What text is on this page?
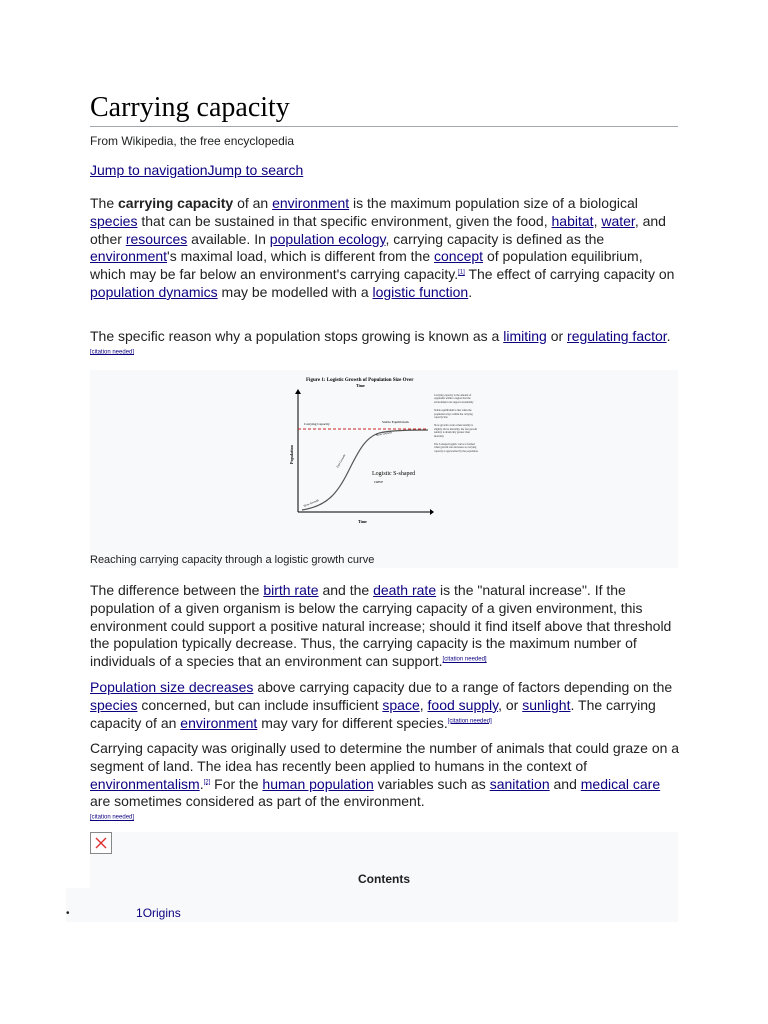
Carrying capacity
From Wikipedia, the free encyclopedia
Jump to navigationJump to search
The carrying capacity of an environment is the maximum population size of a biological species that can be sustained in that specific environment, given the food, habitat, water, and other resources available. In population ecology, carrying capacity is defined as the environment's maximal load, which is different from the concept of population equilibrium, which may be far below an environment's carrying capacity.[1] The effect of carrying capacity on population dynamics may be modelled with a logistic function.
The specific reason why a population stops growing is known as a limiting or regulating factor.[citation needed]
Figure 1: Logistic Growth of Population Size Over
Time
Population
Time
Carrying Capacity	Stable Equilibrium
Logistic S-shaped
curve
Slow Growth
Fast Growth
Slow Growth
Carrying capacity is the amount of organisms within a region that the environment can support sustainably
Stable equilibrium is met when the population stays within the carrying capacity line
Slow growth occurs when natality is slightly above mortality, the fast growth natality is drastically greater than mortality
The S-shaped logistic curve is formed when growth rate decreases as carrying capacity is approached by the population
Reaching carrying capacity through a logistic growth curve
The difference between the birth rate and the death rate is the "natural increase". If the population of a given organism is below the carrying capacity of a given environment, this environment could support a positive natural increase; should it find itself above that threshold the population typically decrease. Thus, the carrying capacity is the maximum number of individuals of a species that an environment can support.[citation needed]
Population size decreases above carrying capacity due to a range of factors depending on the species concerned, but can include insufficient space, food supply, or sunlight. The carrying capacity of an environment may vary for different species.[citation needed]
Carrying capacity was originally used to determine the number of animals that could graze on a segment of land. The idea has recently been applied to humans in the context of environmentalism.[2] For the human population variables such as sanitation and medical care are sometimes considered as part of the environment.
[citation needed]
Contents
•	1Origins
